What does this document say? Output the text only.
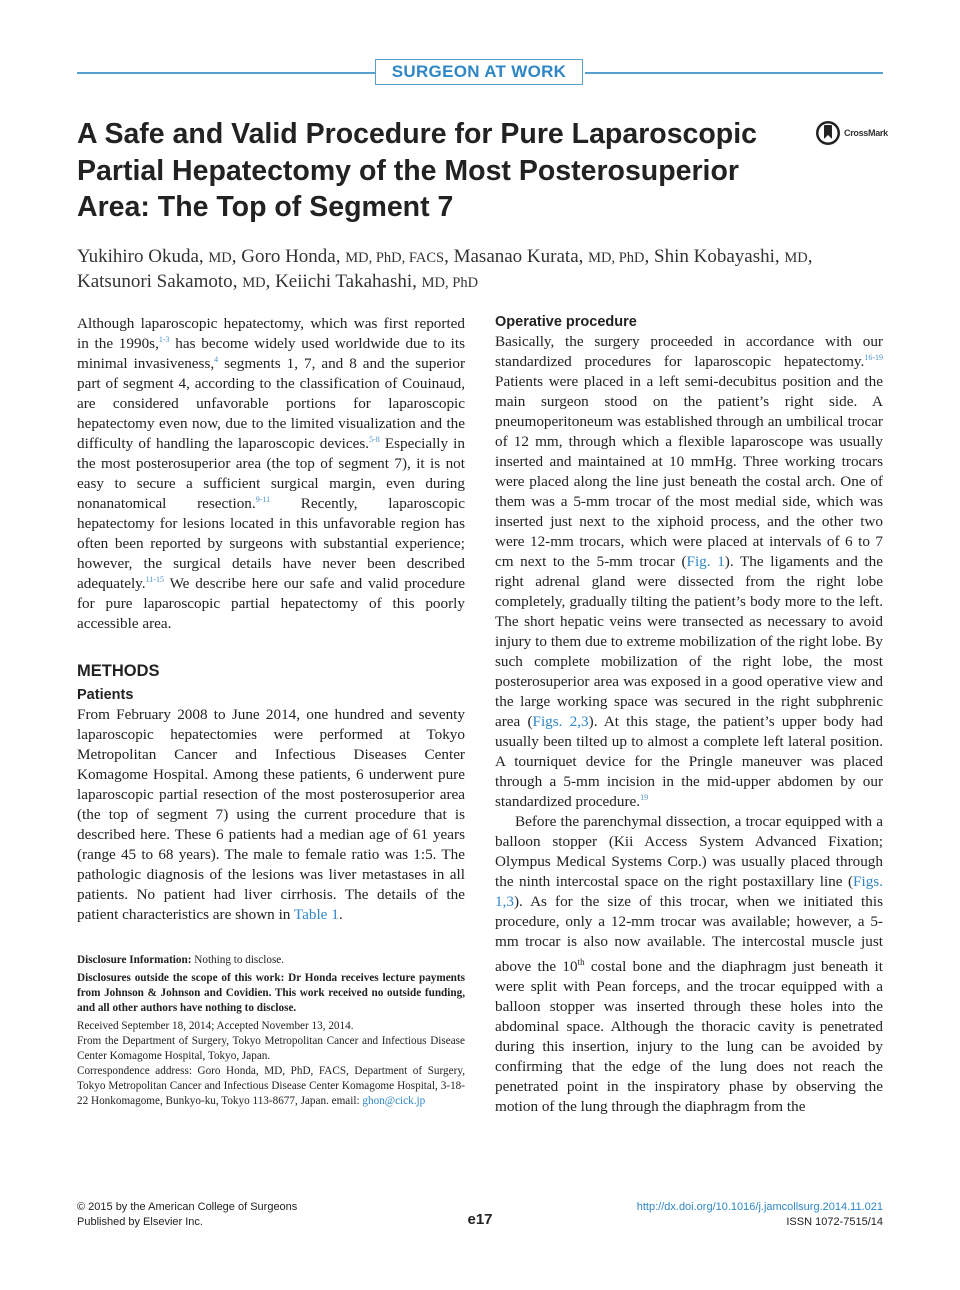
SURGEON AT WORK
A Safe and Valid Procedure for Pure Laparoscopic Partial Hepatectomy of the Most Posterosuperior Area: The Top of Segment 7
CrossMark

Yukihiro Okuda, MD, Goro Honda, MD, PhD, FACS, Masanao Kurata, MD, PhD, Shin Kobayashi, MD,
Katsunori Sakamoto, MD, Keiichi Takahashi, MD, PhD

Although laparoscopic hepatectomy, which was first reported in the 1990s,$^{1-3}$ has become widely used worldwide due to its minimal invasiveness,$^4$ segments 1, 7, and 8 and the superior part of segment 4, according to the classification of Couinaud, are considered unfavorable portions for laparoscopic hepatectomy even now, due to the limited visualization and the difficulty of handling the laparoscopic devices.$^{5-8}$ Especially in the most posterosuperior area (the top of segment 7), it is not easy to secure a sufficient surgical margin, even during nonanatomical resection.$^{9-11}$ Recently, laparoscopic hepatectomy for lesions located in this unfavorable region has often been reported by surgeons with substantial experience; however, the surgical details have never been described adequately.$^{11-15}$ We describe here our safe and valid procedure for pure laparoscopic partial hepatectomy of this poorly accessible area.

METHODS
Patients

From February 2008 to June 2014, one hundred and seventy laparoscopic hepatectomies were performed at Tokyo Metropolitan Cancer and Infectious Diseases Center Komagome Hospital. Among these patients, 6 underwent pure laparoscopic partial resection of the most posterosuperior area (the top of segment 7) using the current procedure that is described here. These 6 patients had a median age of 61 years (range 45 to 68 years). The male to female ratio was 1:5. The pathologic diagnosis of the lesions was liver metastases in all patients. No patient had liver cirrhosis. The details of the patient characteristics are shown in Table 1.

Disclosure Information: Nothing to disclose.

Disclosures outside the scope of this work: Dr Honda receives lecture payments from Johnson & Johnson and Covidien. This work received no outside funding, and all other authors have nothing to disclose.

Received September 18, 2014; Accepted November 13, 2014.

From the Department of Surgery, Tokyo Metropolitan Cancer and Infectious Disease Center Komagome Hospital, Tokyo, Japan.

Correspondence address: Goro Honda, MD, PhD, FACS, Department of Surgery, Tokyo Metropolitan Cancer and Infectious Disease Center Komagome Hospital, 3-18-22 Honkomagome, Bunkyo-ku, Tokyo 113-8677, Japan. email: ghon@cick.jp

Operative procedure

Basically, the surgery proceeded in accordance with our standardized procedures for laparoscopic hepatectomy.$^{16-19}$ Patients were placed in a left semi-decubitus position and the main surgeon stood on the patient’s right side. A pneumoperitoneum was established through an umbilical trocar of 12 mm, through which a flexible laparoscope was usually inserted and maintained at 10 mmHg. Three working trocars were placed along the line just beneath the costal arch. One of them was a 5-mm trocar of the most medial side, which was inserted just next to the xiphoid process, and the other two were 12-mm trocars, which were placed at intervals of 6 to 7 cm next to the 5-mm trocar (Fig. 1). The ligaments and the right adrenal gland were dissected from the right lobe completely, gradually tilting the patient’s body more to the left. The short hepatic veins were transected as necessary to avoid injury to them due to extreme mobilization of the right lobe. By such complete mobilization of the right lobe, the most posterosuperior area was exposed in a good operative view and the large working space was secured in the right subphrenic area (Figs. 2,3). At this stage, the patient’s upper body had usually been tilted up to almost a complete left lateral position. A tourniquet device for the Pringle maneuver was placed through a 5-mm incision in the mid-upper abdomen by our standardized procedure.$^{19}$

Before the parenchymal dissection, a trocar equipped with a balloon stopper (Kii Access System Advanced Fixation; Olympus Medical Systems Corp.) was usually placed through the ninth intercostal space on the right postaxillary line (Figs. 1,3). As for the size of this trocar, when we initiated this procedure, only a 12-mm trocar was available; however, a 5-mm trocar is also now available. The intercostal muscle just above the 10th costal bone and the diaphragm just beneath it were split with Pean forceps, and the trocar equipped with a balloon stopper was inserted through these holes into the abdominal space. Although the thoracic cavity is penetrated during this insertion, injury to the lung can be avoided by confirming that the edge of the lung does not reach the penetrated point in the inspiratory phase by observing the motion of the lung through the diaphragm from the

© 2015 by the American College of Surgeons
Published by Elsevier Inc.	e17
http://dx.doi.org/10.1016/j.jamcollsurg.2014.11.021
ISSN 1072-7515/14
